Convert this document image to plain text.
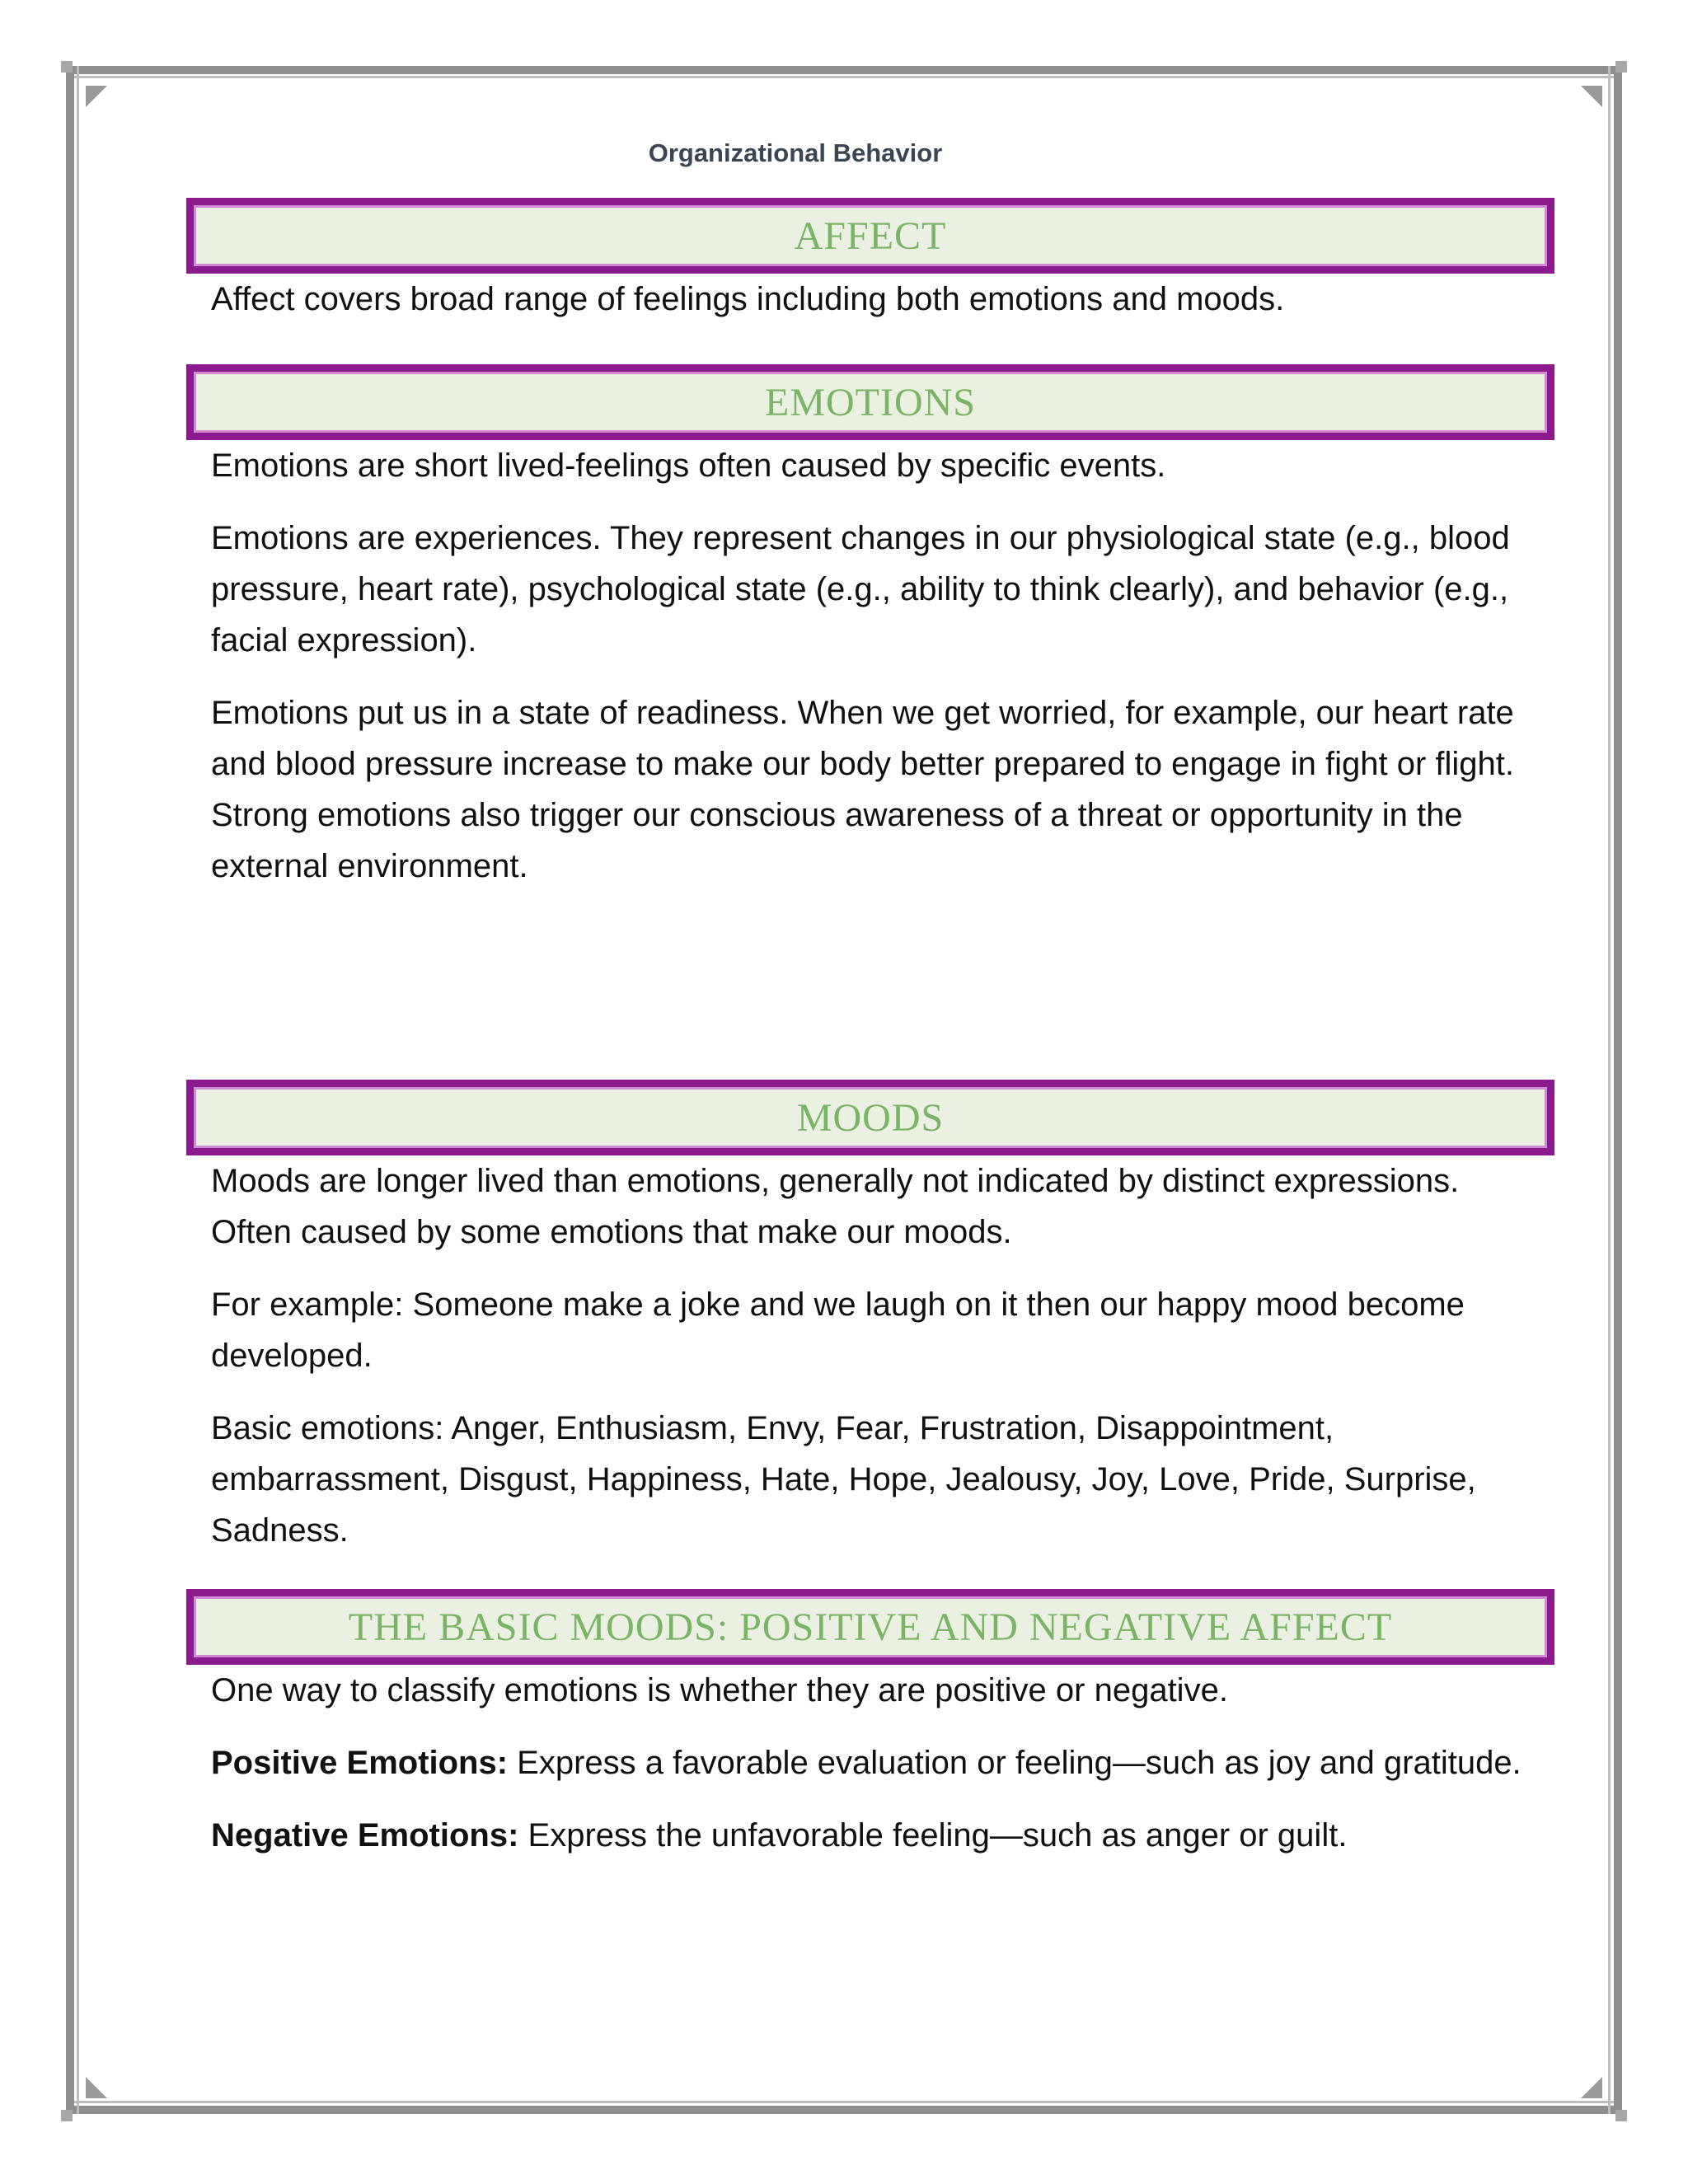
Organizational Behavior
AFFECT

Affect covers broad range of feelings including both emotions and moods.

EMOTIONS

Emotions are short lived-feelings often caused by specific events.

Emotions are experiences. They represent changes in our physiological state (e.g., blood pressure, heart rate), psychological state (e.g., ability to think clearly), and behavior (e.g., facial expression).

Emotions put us in a state of readiness. When we get worried, for example, our heart rate and blood pressure increase to make our body better prepared to engage in fight or flight. Strong emotions also trigger our conscious awareness of a threat or opportunity in the external environment.

MOODS

Moods are longer lived than emotions, generally not indicated by distinct expressions. Often caused by some emotions that make our moods.

For example: Someone make a joke and we laugh on it then our happy mood become developed.

Basic emotions: Anger, Enthusiasm, Envy, Fear, Frustration, Disappointment, embarrassment, Disgust, Happiness, Hate, Hope, Jealousy, Joy, Love, Pride, Surprise, Sadness.

THE BASIC MOODS: POSITIVE AND NEGATIVE AFFECT

One way to classify emotions is whether they are positive or negative.

Positive Emotions: Express a favorable evaluation or feeling—such as joy and gratitude.

Negative Emotions: Express the unfavorable feeling—such as anger or guilt.
